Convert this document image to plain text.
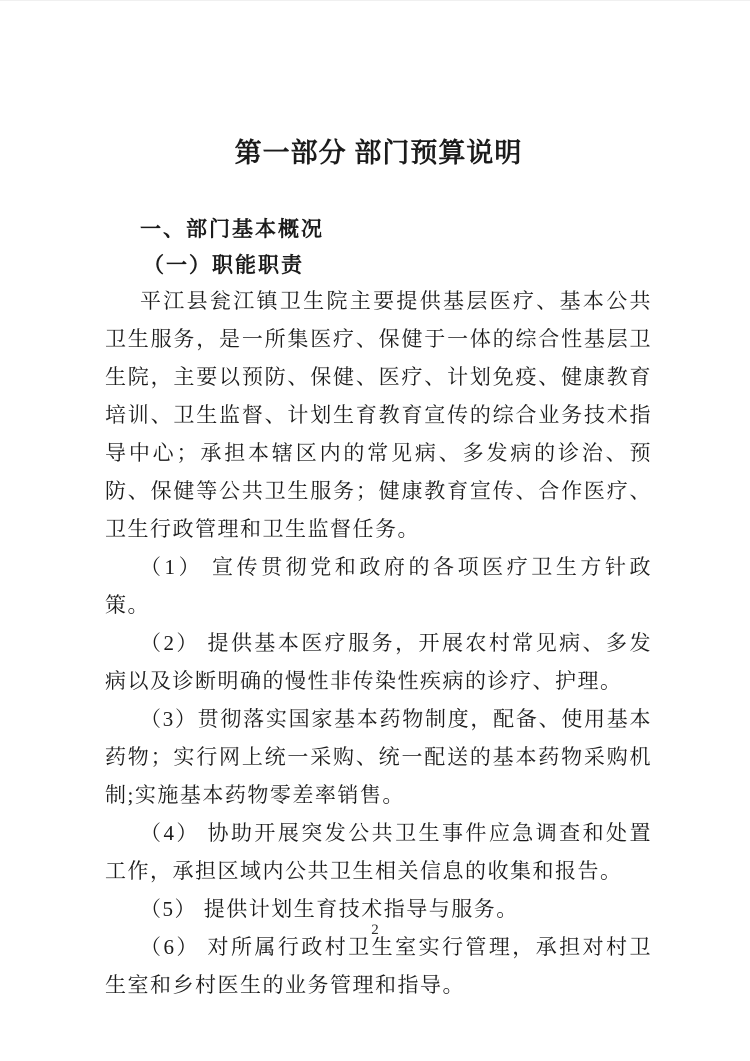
第一部分 部门预算说明
一、部门基本概况
（一）职能职责

平江县瓮江镇卫生院主要提供基层医疗、基本公共卫生服务，是一所集医疗、保健于一体的综合性基层卫生院，主要以预防、保健、医疗、计划免疫、健康教育培训、卫生监督、计划生育教育宣传的综合业务技术指导中心；承担本辖区内的常见病、多发病的诊治、预防、保健等公共卫生服务；健康教育宣传、合作医疗、卫生行政管理和卫生监督任务。

（1） 宣传贯彻党和政府的各项医疗卫生方针政策。

（2） 提供基本医疗服务，开展农村常见病、多发病以及诊断明确的慢性非传染性疾病的诊疗、护理。

（3）贯彻落实国家基本药物制度，配备、使用基本药物；实行网上统一采购、统一配送的基本药物采购机制;实施基本药物零差率销售。

（4） 协助开展突发公共卫生事件应急调查和处置工作，承担区域内公共卫生相关信息的收集和报告。

（5） 提供计划生育技术指导与服务。

（6） 对所属行政村卫生室实行管理，承担对村卫生室和乡村医生的业务管理和指导。

2
